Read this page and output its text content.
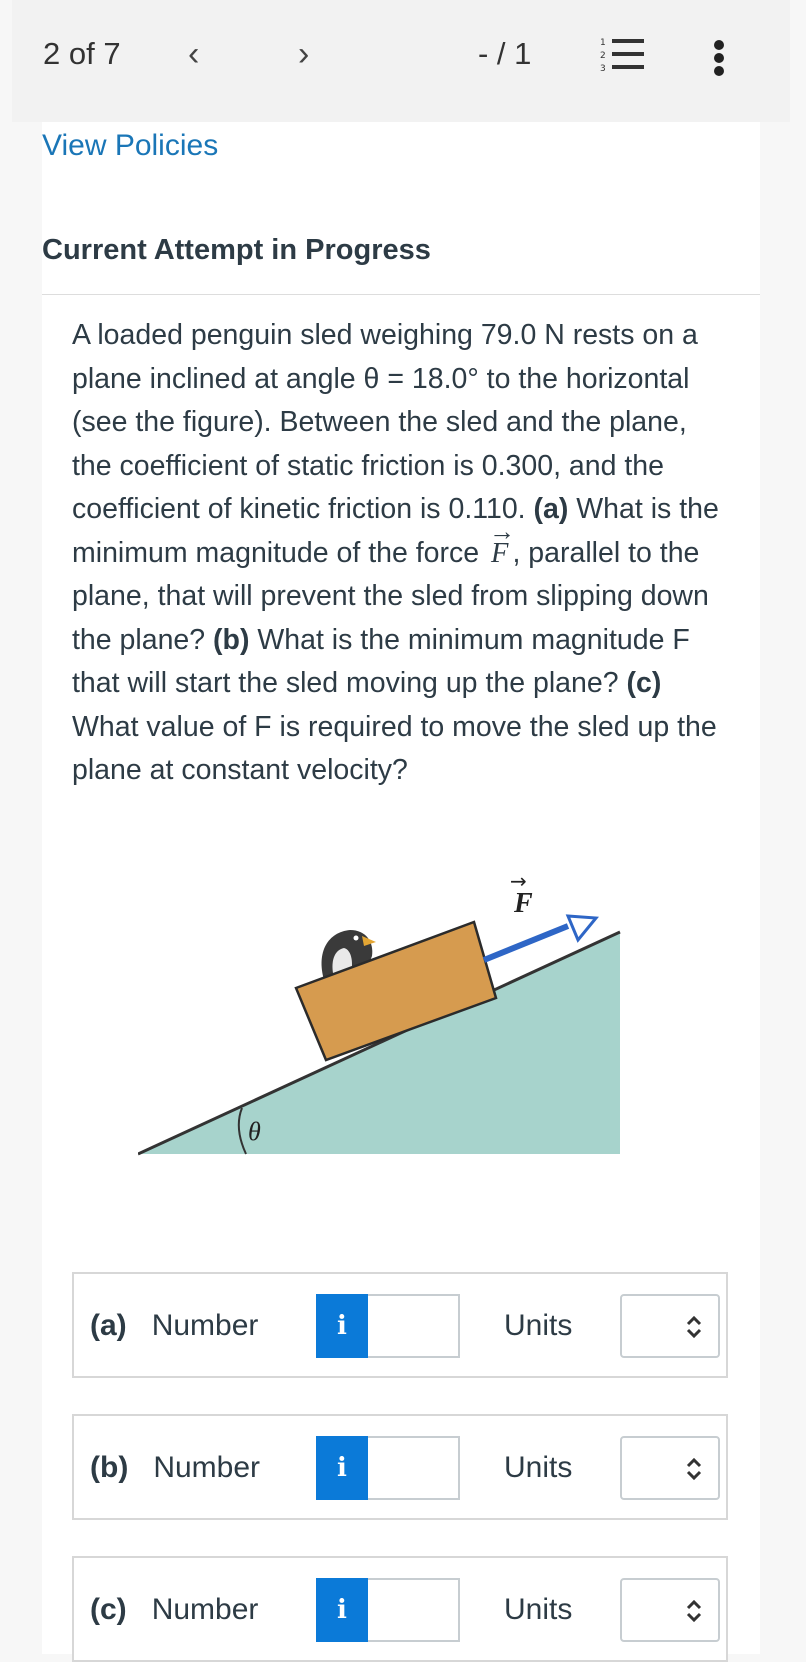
2 of 7 ‹	›	- / 1	1
2
3
View Policies
Current Attempt in Progress
A loaded penguin sled weighing 79.0 N rests on a plane inclined at angle θ = 18.0° to the horizontal (see the figure). Between the sled and the plane, the coefficient of static friction is 0.300, and the coefficient of kinetic friction is 0.110. (a) What is the minimum magnitude of the force → F , parallel to the plane, that will prevent the sled from slipping down the plane? (b) What is the minimum magnitude F that will start the sled moving up the plane? (c) What value of F is required to move the sled up the plane at constant velocity?
F
→
θ
(a) Number	i	Units
(b) Number	i	Units
(c) Number	i	Units
